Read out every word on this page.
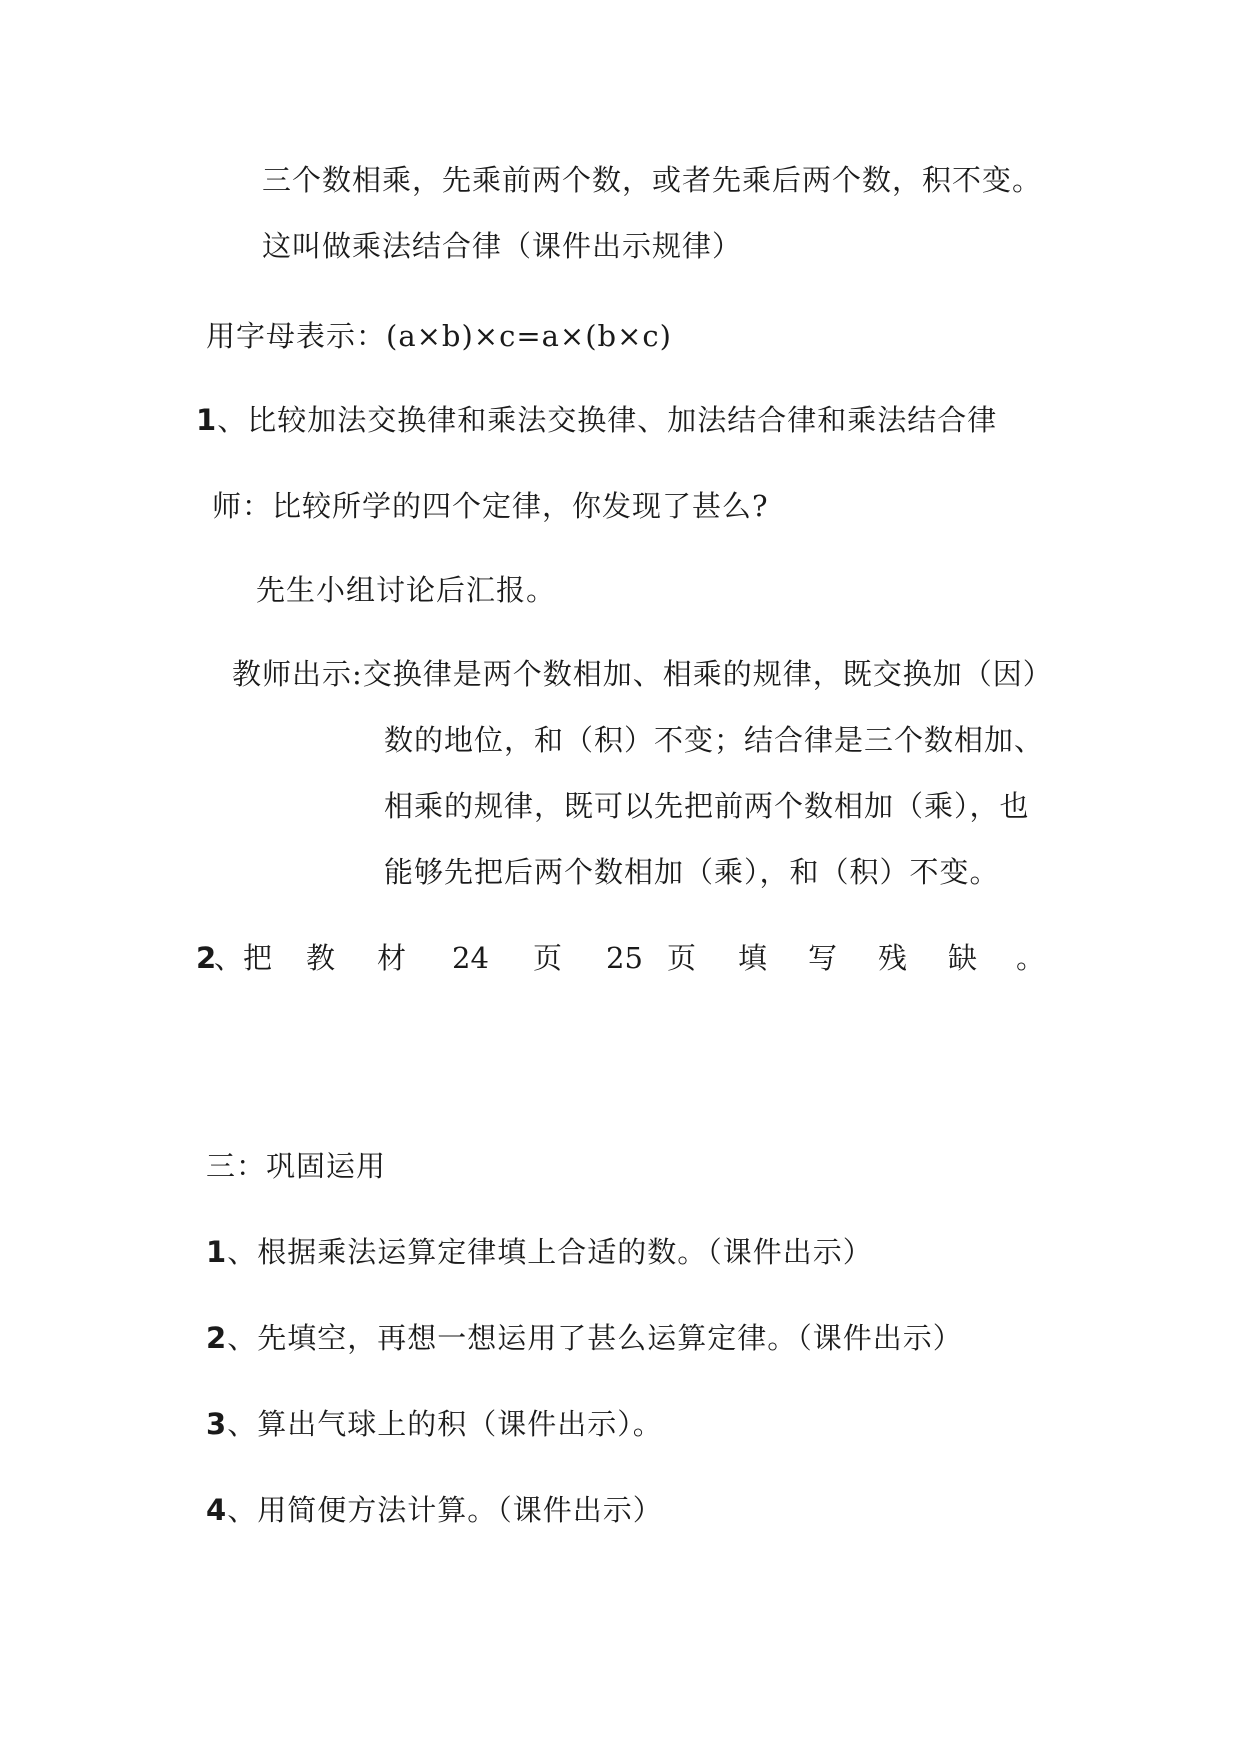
三个数相乘，先乘前两个数，或者先乘后两个数，积不变。
这叫做乘法结合律（课件出示规律）
用字母表示：(a×b)×c=a×(b×c)
1、比较加法交换律和乘法交换律、加法结合律和乘法结合律
师：比较所学的四个定律，你发现了甚么?
先生小组讨论后汇报。
教师出示:交换律是两个数相加、相乘的规律，既交换加（因）
数的地位，和（积）不变；结合律是三个数相加、
相乘的规律，既可以先把前两个数相加（乘），也
能够先把后两个数相加（乘），和（积）不变。
2
、把 教 材 24 页 25 页 填 写 残 缺 。
三：巩固运用
1、根据乘法运算定律填上合适的数。（课件出示）
2、先填空，再想一想运用了甚么运算定律。（课件出示）
3、算出气球上的积（课件出示）。
4、用简便方法计算。（课件出示）
